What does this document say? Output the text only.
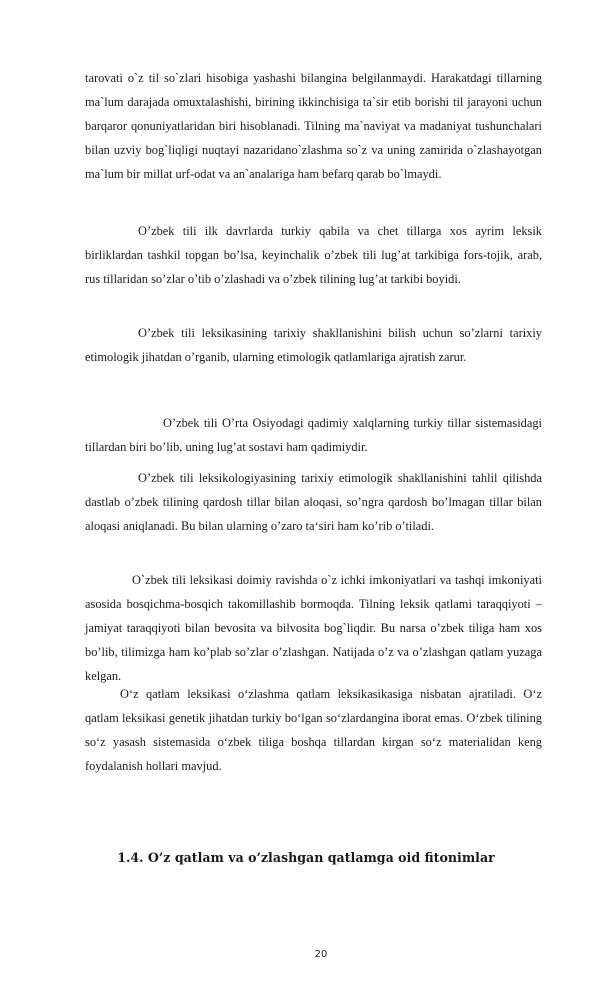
tarovati o`z til so`zlari hisobiga yashashi bilangina belgilanmaydi. Harakatdagi tillarning ma`lum darajada omuxtalashishi, birining ikkinchisiga ta`sir etib borishi til jarayoni uchun barqaror qonuniyatlaridan biri hisoblanadi. Tilning ma`naviyat va madaniyat tushunchalari bilan uzviy bog`liqligi nuqtayi nazaridano`zlashma so`z va uning zamirida o`zlashayotgan ma`lum bir millat urf-odat va an`analariga ham befarq qarab bo`lmaydi.

O’zbek tili ilk davrlarda turkiy qabila va chet tillarga xos ayrim leksik birliklardan tashkil topgan bo’lsa, keyinchalik o’zbek tili lug’at tarkibiga fors-tojik, arab, rus tillaridan so’zlar o’tib o’zlashadi va o’zbek tilining lug’at tarkibi boyidi.

O’zbek tili leksikasining tarixiy shakllanishini bilish uchun so’zlarni tarixiy etimologik jihatdan o’rganib, ularning etimologik qatlamlariga ajratish zarur.

O’zbek tili O’rta Osiyodagi qadimiy xalqlarning turkiy tillar sistemasidagi tillardan biri bo’lib, uning lug’at sostavi ham qadimiydir.

O’zbek tili leksikologiyasining tarixiy etimologik shakllanishini tahlil qilishda dastlab o’zbek tilining qardosh tillar bilan aloqasi, so’ngra qardosh bo’lmagan tillar bilan aloqasi aniqlanadi. Bu bilan ularning o’zaro ta‘siri ham ko’rib o’tiladi.

O`zbek tili leksikasi doimiy ravishda o`z ichki imkoniyatlari va tashqi imkoniyati asosida bosqichma-bosqich takomillashib bormoqda. Tilning leksik qatlami taraqqiyoti – jamiyat taraqqiyoti bilan bevosita va bilvosita bog`liqdir. Bu narsa o’zbek tiliga ham xos bo’lib, tilimizga ham ko’plab so’zlar o’zlashgan. Natijada o’z va o’zlashgan qatlam yuzaga kelgan.

O‘z qatlam leksikasi o‘zlashma qatlam leksikasikasiga nisbatan ajratiladi. O‘z qatlam leksikasi genetik jihatdan turkiy bo‘lgan so‘zlardangina iborat emas. O‘zbek tilining so‘z yasash sistemasida o‘zbek tiliga boshqa tillardan kirgan so‘z materialidan keng foydalanish hollari mavjud.

1.4. O’z qatlam va o’zlashgan qatlamga oid fitonimlar
20
